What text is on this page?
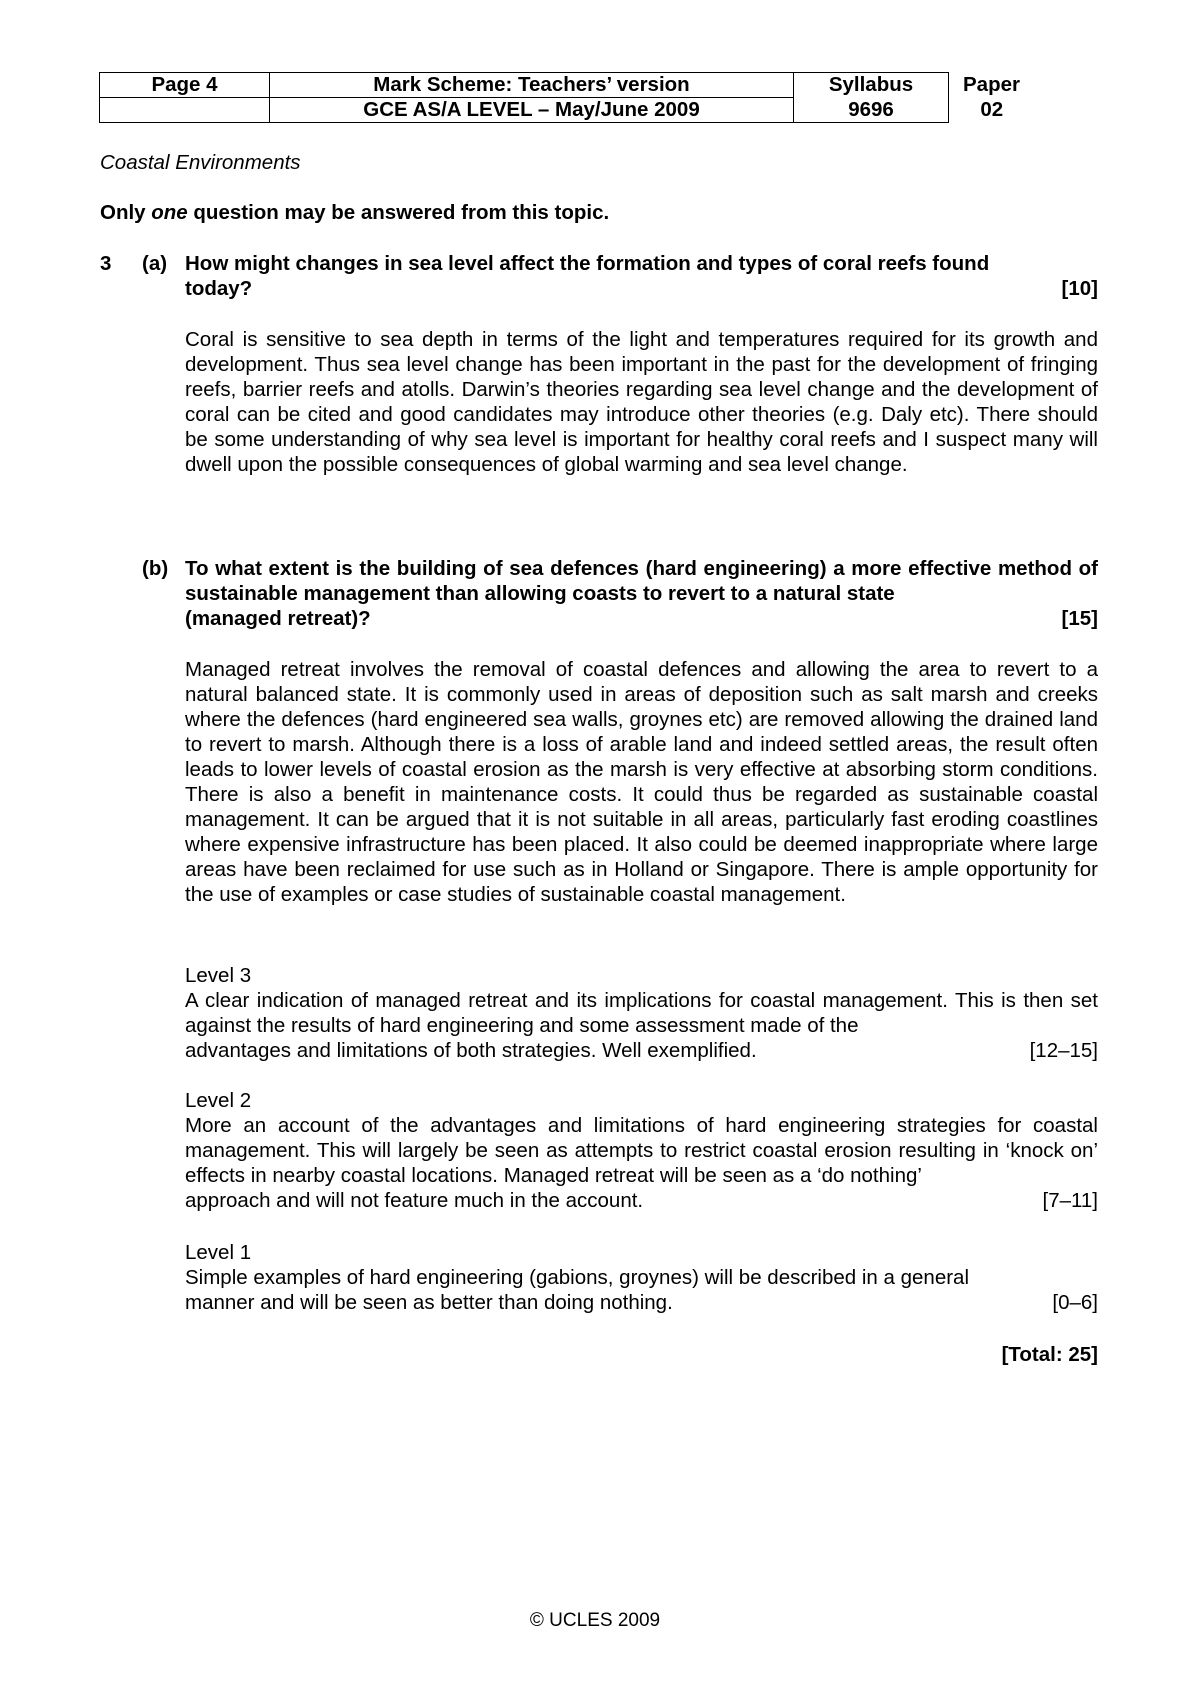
Page 4	Mark Scheme: Teachers’ version	Syllabus	Paper
	GCE AS/A LEVEL – May/June 2009	9696	02
Coastal Environments
Only one question may be answered from this topic.
3 (a) How might changes in sea level affect the formation and types of coral reefs found
today?	[10]
Coral is sensitive to sea depth in terms of the light and temperatures required for its growth and development. Thus sea level change has been important in the past for the development of fringing reefs, barrier reefs and atolls. Darwin’s theories regarding sea level change and the development of coral can be cited and good candidates may introduce other theories (e.g. Daly etc). There should be some understanding of why sea level is important for healthy coral reefs and I suspect many will dwell upon the possible consequences of global warming and sea level change.
(b) To what extent is the building of sea defences (hard engineering) a more effective method of sustainable management than allowing coasts to revert to a natural state
(managed retreat)?	[15]
Managed retreat involves the removal of coastal defences and allowing the area to revert to a natural balanced state. It is commonly used in areas of deposition such as salt marsh and creeks where the defences (hard engineered sea walls, groynes etc) are removed allowing the drained land to revert to marsh. Although there is a loss of arable land and indeed settled areas, the result often leads to lower levels of coastal erosion as the marsh is very effective at absorbing storm conditions. There is also a benefit in maintenance costs. It could thus be regarded as sustainable coastal management. It can be argued that it is not suitable in all areas, particularly fast eroding coastlines where expensive infrastructure has been placed. It also could be deemed inappropriate where large areas have been reclaimed for use such as in Holland or Singapore. There is ample opportunity for the use of examples or case studies of sustainable coastal management.
Level 3
A clear indication of managed retreat and its implications for coastal management. This is then set against the results of hard engineering and some assessment made of the
advantages and limitations of both strategies. Well exemplified.	[12–15]
Level 2
More an account of the advantages and limitations of hard engineering strategies for coastal management. This will largely be seen as attempts to restrict coastal erosion resulting in ‘knock on’ effects in nearby coastal locations. Managed retreat will be seen as a ‘do nothing’
approach and will not feature much in the account.	[7–11]
Level 1
Simple examples of hard engineering (gabions, groynes) will be described in a general
manner and will be seen as better than doing nothing.	[0–6]
[Total: 25]
© UCLES 2009
